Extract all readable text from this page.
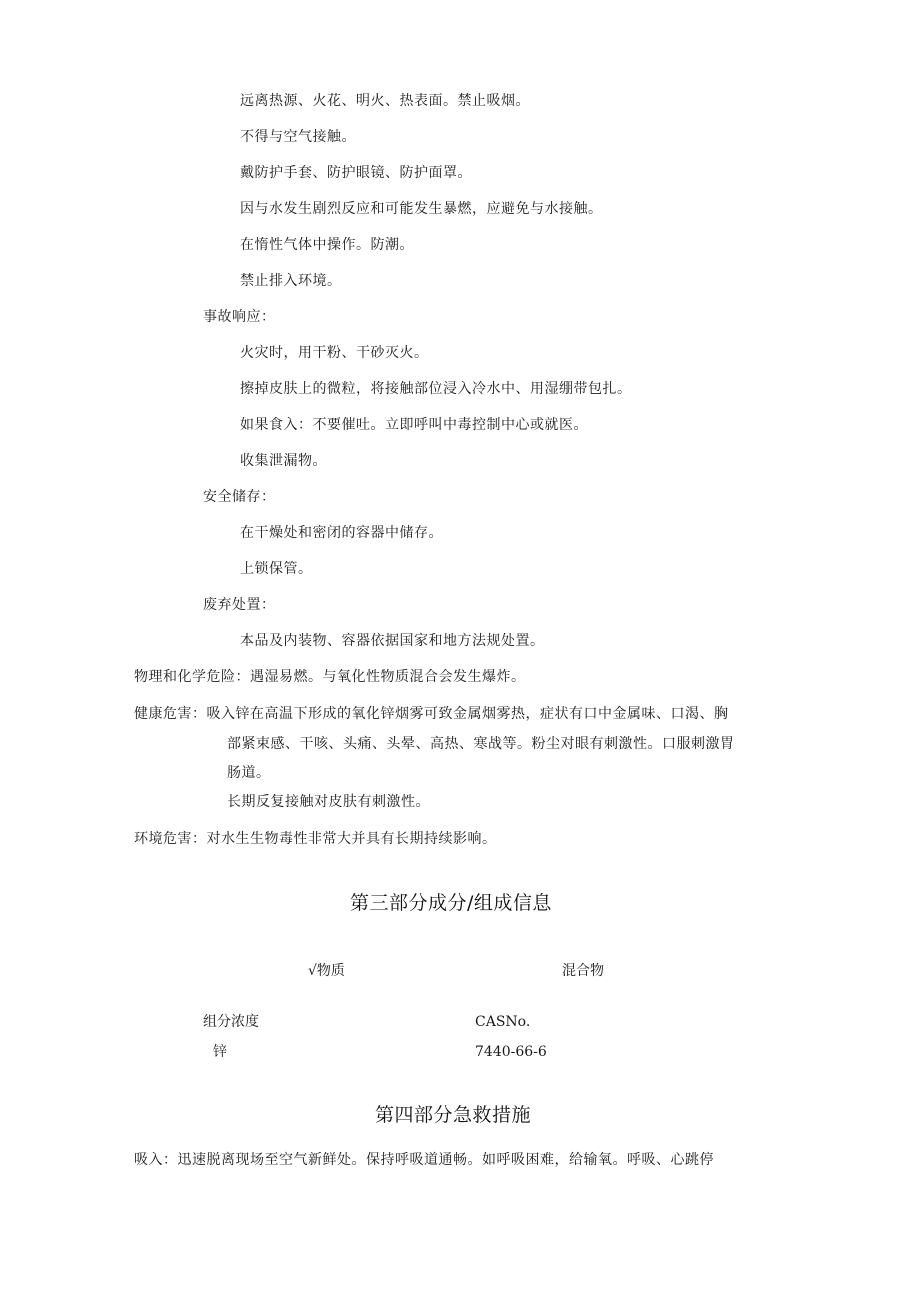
远离热源、火花、明火、热表面。禁止吸烟。
不得与空气接触。
戴防护手套、防护眼镜、防护面罩。
因与水发生剧烈反应和可能发生暴燃，应避免与水接触。
在惰性气体中操作。防潮。
禁止排入环境。
事故响应：
火灾时，用干粉、干砂灭火。
擦掉皮肤上的微粒，将接触部位浸入冷水中、用湿绷带包扎。
如果食入：不要催吐。立即呼叫中毒控制中心或就医。
收集泄漏物。
安全储存：
在干燥处和密闭的容器中储存。
上锁保管。
废弃处置：
本品及内装物、容器依据国家和地方法规处置。
物理和化学危险：遇湿易燃。与氧化性物质混合会发生爆炸。
健康危害：吸入锌在高温下形成的氧化锌烟雾可致金属烟雾热，症状有口中金属味、口渴、胸
部紧束感、干咳、头痛、头晕、高热、寒战等。粉尘对眼有刺激性。口服刺激胃
肠道。
长期反复接触对皮肤有刺激性。
环境危害：对水生生物毒性非常大并具有长期持续影响。
第三部分成分/组成信息
√物质	混合物
组分浓度	CASNo.
锌	7440-66-6
第四部分急救措施
吸入：迅速脱离现场至空气新鲜处。保持呼吸道通畅。如呼吸困难，给输氧。呼吸、心跳停
